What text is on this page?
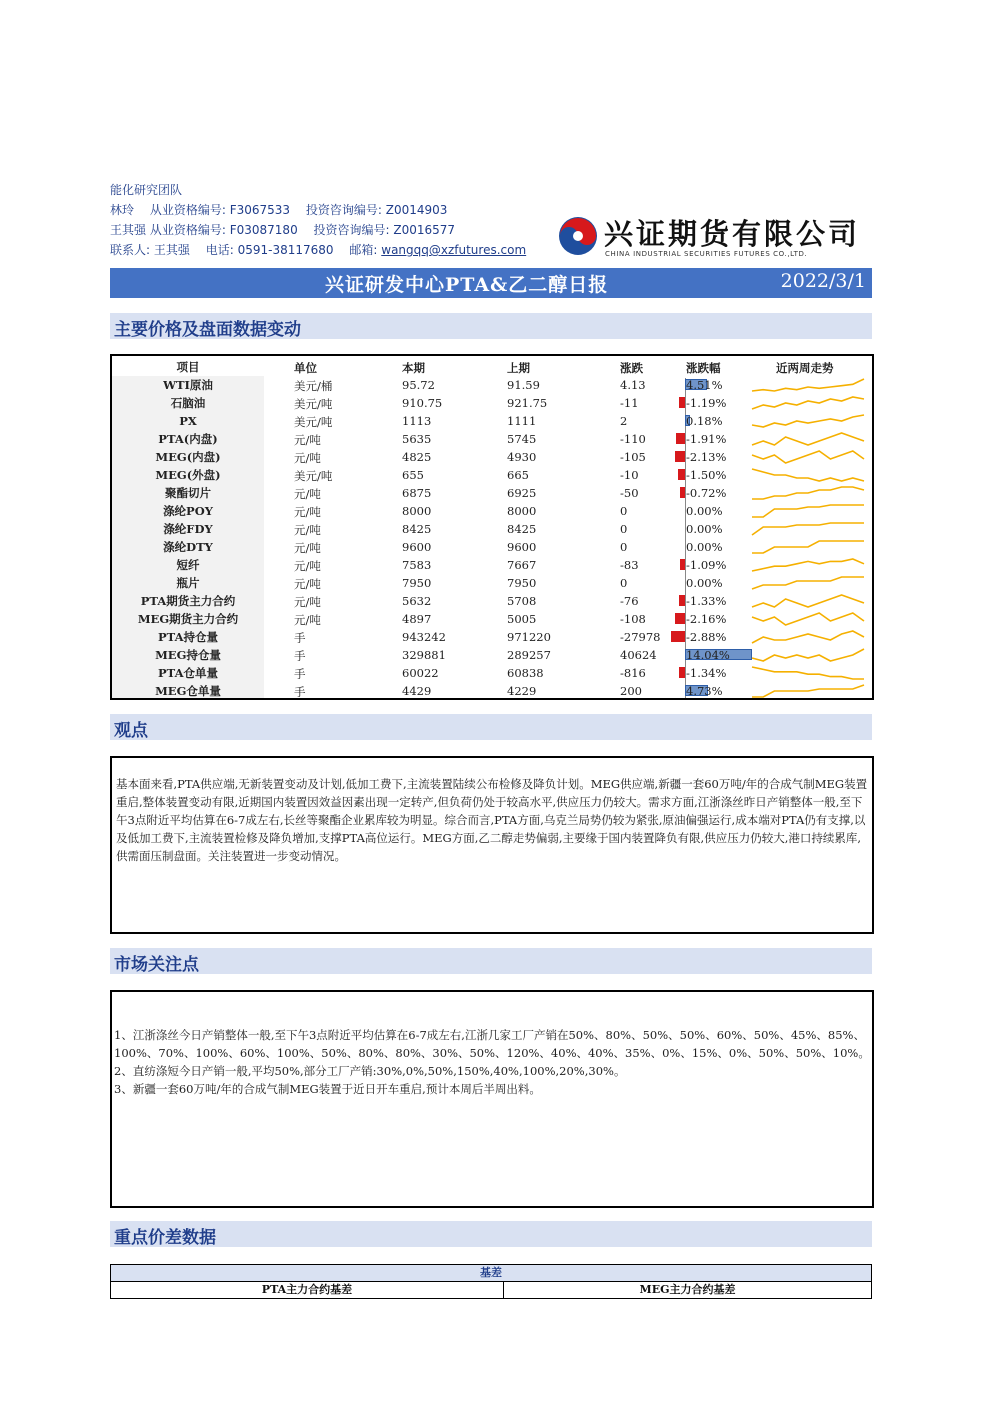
能化研究团队
林玲 从业资格编号: F3067533 投资咨询编号: Z0014903
王其强 从业资格编号: F03087180 投资咨询编号: Z0016577
联系人: 王其强 电话: 0591-38117680 邮箱: wangqq@xzfutures.com	兴证期货有限公司
CHINA INDUSTRIAL SECURITIES FUTURES CO.,LTD.
兴证研发中心PTA&乙二醇日报	2022/3/1
主要价格及盘面数据变动
项目	单位	本期	上期	涨跌	涨跌幅	近两周走势
WTI原油	美元/桶	95.72	91.59	4.13	4.51%
石脑油	美元/吨	910.75	921.75	-11	-1.19%
PX	美元/吨	1113	1111	2	0.18%
PTA(内盘)	元/吨	5635	5745	-110	-1.91%
MEG(内盘)	元/吨	4825	4930	-105	-2.13%
MEG(外盘)	美元/吨	655	665	-10	-1.50%
聚酯切片	元/吨	6875	6925	-50	-0.72%
涤纶POY	元/吨	8000	8000	0	0.00%
涤纶FDY	元/吨	8425	8425	0	0.00%
涤纶DTY	元/吨	9600	9600	0	0.00%
短纤	元/吨	7583	7667	-83	-1.09%
瓶片	元/吨	7950	7950	0	0.00%
PTA期货主力合约	元/吨	5632	5708	-76	-1.33%
MEG期货主力合约	元/吨	4897	5005	-108	-2.16%
PTA持仓量	手	943242	971220	-27978 -2.88%
MEG持仓量	手	329881	289257	40624	14.04%
PTA仓单量	手	60022	60838	-816	-1.34%
MEG仓单量	手	4429	4229	200	4.73%
观点

基本面来看,PTA供应端,无新装置变动及计划,低加工费下,主流装置陆续公布检修及降负计划。MEG供应端,新疆一套60万吨/年的合成气制MEG装置重启,整体装置变动有限,近期国内装置因效益因素出现一定转产,但负荷仍处于较高水平,供应压力仍较大。需求方面,江浙涤丝昨日产销整体一般,至下午3点附近平均估算在6-7成左右,长丝等聚酯企业累库较为明显。综合而言,PTA方面,乌克兰局势仍较为紧张,原油偏强运行,成本端对PTA仍有支撑,以及低加工费下,主流装置检修及降负增加,支撑PTA高位运行。MEG方面,乙二醇走势偏弱,主要缘于国内装置降负有限,供应压力仍较大,港口持续累库,供需面压制盘面。关注装置进一步变动情况。

市场关注点

1、江浙涤丝今日产销整体一般,至下午3点附近平均估算在6-7成左右,江浙几家工厂产销在50%、80%、50%、50%、60%、50%、45%、85%、100%、70%、100%、60%、100%、50%、80%、80%、30%、50%、120%、40%、40%、35%、0%、15%、0%、50%、50%、10%。

2、直纺涤短今日产销一般,平均50%,部分工厂产销:30%,0%,50%,150%,40%,100%,20%,30%。

3、新疆一套60万吨/年的合成气制MEG装置于近日开车重启,预计本周后半周出料。

重点价差数据
基差
PTA主力合约基差	MEG主力合约基差
